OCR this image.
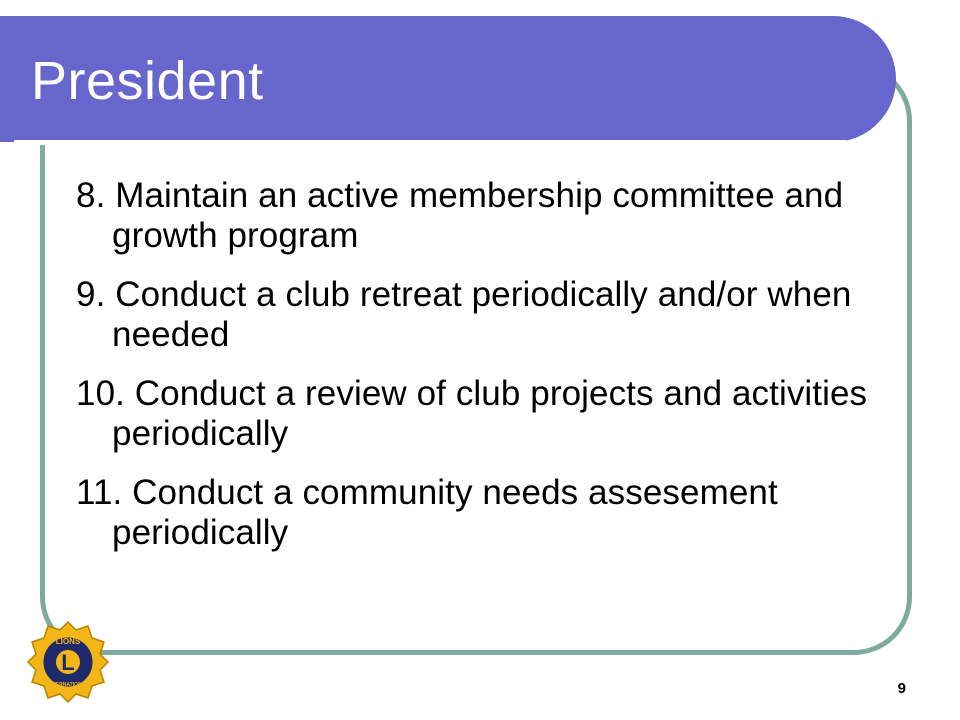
President
8. Maintain an active membership committee and growth program
9. Conduct a club retreat periodically and/or when needed
10. Conduct a review of club projects and activities periodically
11. Conduct a community needs assesement periodically
L
LIONS
INTERNATIONAL	9
